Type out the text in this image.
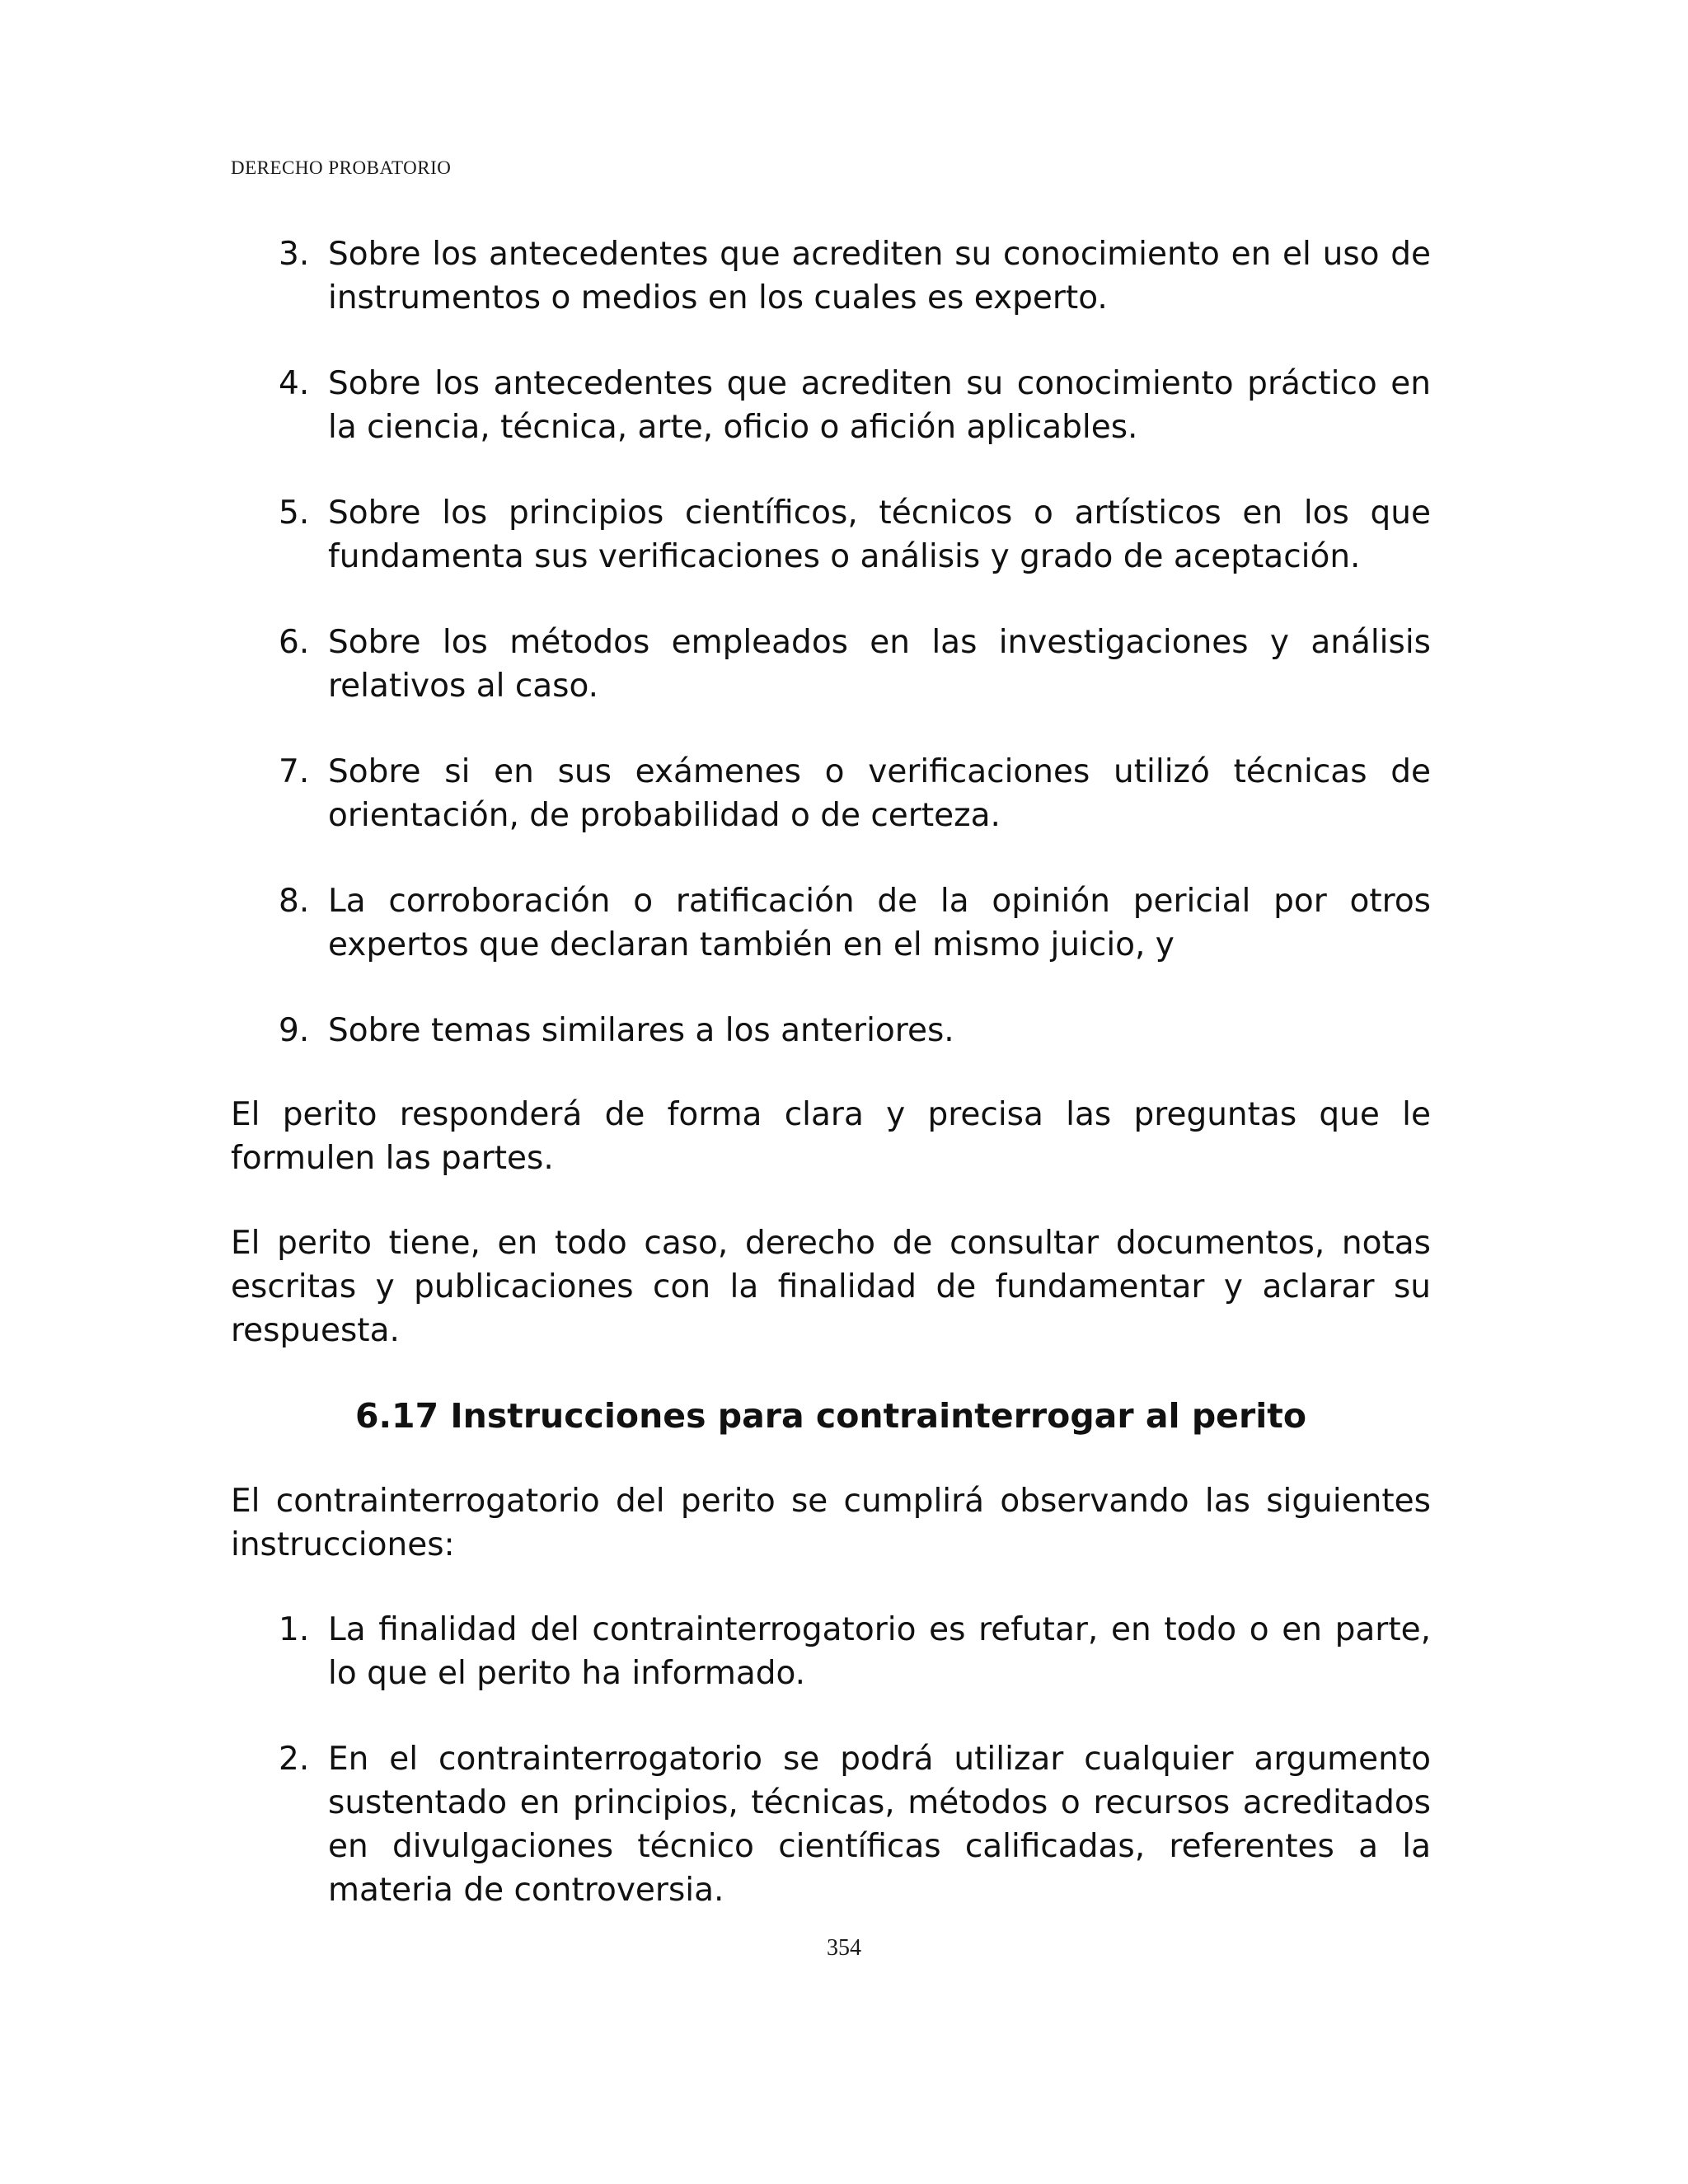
DERECHO PROBATORIO
3. Sobre los antecedentes que acrediten su conocimiento en el uso de instrumentos o medios en los cuales es experto.
4. Sobre los antecedentes que acrediten su conocimiento práctico en la ciencia, técnica, arte, oficio o afición aplicables.
5. Sobre los principios científicos, técnicos o artísticos en los que fundamenta sus verificaciones o análisis y grado de aceptación.
6. Sobre los métodos empleados en las investigaciones y análisis relativos al caso.
7. Sobre si en sus exámenes o verificaciones utilizó técnicas de orientación, de probabilidad o de certeza.
8. La corroboración o ratificación de la opinión pericial por otros expertos que declaran también en el mismo juicio, y
9. Sobre temas similares a los anteriores.

El perito responderá de forma clara y precisa las preguntas que le formulen las partes.

El perito tiene, en todo caso, derecho de consultar documentos, notas escritas y publicaciones con la finalidad de fundamentar y aclarar su respuesta.

6.17 Instrucciones para contrainterrogar al perito

El contrainterrogatorio del perito se cumplirá observando las siguientes instrucciones:

1. La finalidad del contrainterrogatorio es refutar, en todo o en parte, lo que el perito ha informado.
2. En el contrainterrogatorio se podrá utilizar cualquier argumento sustentado en principios, técnicas, métodos o recursos acreditados en divulgaciones técnico científicas calificadas, referentes a la materia de controversia.
354
